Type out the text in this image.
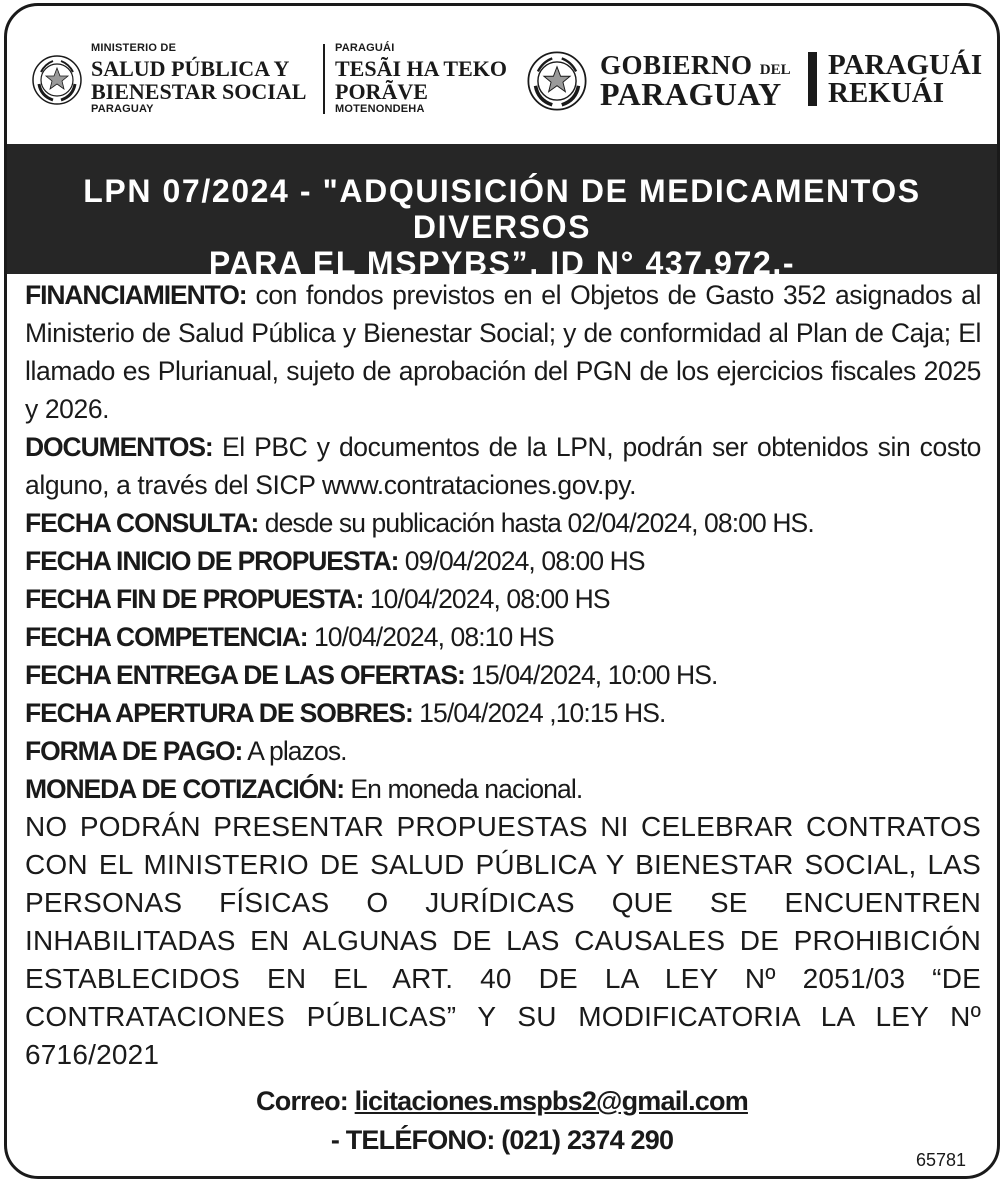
MINISTERIO DE
SALUD PÚBLICA Y
BIENESTAR SOCIAL
PARAGUAY
PARAGUÁI
TESÃI HA TEKO
PORÃVE
MOTENONDEHA
GOBIERNO DEL
PARAGUAY
PARAGUÁI
REKUÁI
LPN 07/2024 - "ADQUISICIÓN DE MEDICAMENTOS DIVERSOS
PARA EL MSPYBS”, ID N° 437.972.-

FINANCIAMIENTO: con fondos previstos en el Objetos de Gasto 352 asignados al Ministerio de Salud Pública y Bienestar Social; y de conformidad al Plan de Caja; El llamado es Plurianual, sujeto de aprobación del PGN de los ejercicios fiscales 2025 y 2026.

DOCUMENTOS: El PBC y documentos de la LPN, podrán ser obtenidos sin costo alguno, a través del SICP www.contrataciones.gov.py.

FECHA CONSULTA: desde su publicación hasta 02/04/2024, 08:00 HS.

FECHA INICIO DE PROPUESTA: 09/04/2024, 08:00 HS

FECHA FIN DE PROPUESTA: 10/04/2024, 08:00 HS

FECHA COMPETENCIA: 10/04/2024, 08:10 HS

FECHA ENTREGA DE LAS OFERTAS: 15/04/2024, 10:00 HS.

FECHA APERTURA DE SOBRES: 15/04/2024 ,10:15 HS.

FORMA DE PAGO: A plazos.

MONEDA DE COTIZACIÓN: En moneda nacional.

NO PODRÁN PRESENTAR PROPUESTAS NI CELEBRAR CONTRATOS CON EL MINISTERIO DE SALUD PÚBLICA Y BIENESTAR SOCIAL, LAS PERSONAS FÍSICAS O JURÍDICAS QUE SE ENCUENTREN INHABILITADAS EN ALGUNAS DE LAS CAUSALES DE PROHIBICIÓN ESTABLECIDOS EN EL ART. 40 DE LA LEY Nº 2051/03 “DE CONTRATACIONES PÚBLICAS” Y SU MODIFICATORIA LA LEY Nº 6716/2021

Correo: licitaciones.mspbs2@gmail.com
- TELÉFONO: (021) 2374 290
65781
